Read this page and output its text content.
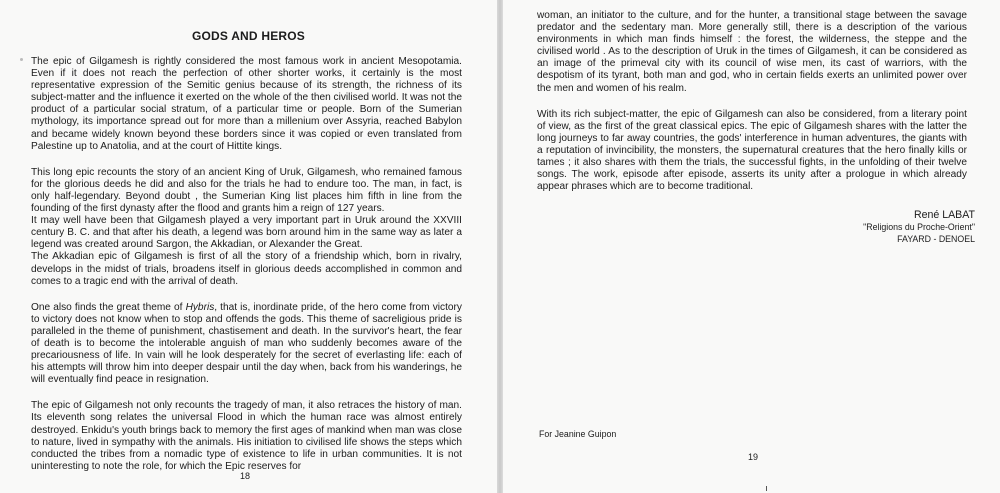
GODS AND HEROS

The epic of Gilgamesh is rightly considered the most famous work in ancient Mesopotamia. Even if it does not reach the perfection of other shorter works, it certainly is the most representative expression of the Semitic genius because of its strength, the richness of its subject-matter and the influence it exerted on the whole of the then civilised world. It was not the product of a particular social stratum, of a particular time or people. Born of the Sumerian mythology, its importance spread out for more than a millenium over Assyria, reached Babylon and became widely known beyond these borders since it was copied or even translated from Palestine up to Anatolia, and at the court of Hittite kings.

This long epic recounts the story of an ancient King of Uruk, Gilgamesh, who remained famous for the glorious deeds he did and also for the trials he had to endure too. The man, in fact, is only half-legendary. Beyond doubt , the Sumerian King list places him fifth in line from the founding of the first dynasty after the flood and grants him a reign of 127 years.

It may well have been that Gilgamesh played a very important part in Uruk around the XXVIII century B. C. and that after his death, a legend was born around him in the same way as later a legend was created around Sargon, the Akkadian, or Alexander the Great.

The Akkadian epic of Gilgamesh is first of all the story of a friendship which, born in rivalry, develops in the midst of trials, broadens itself in glorious deeds accomplished in common and comes to a tragic end with the arrival of death.

One also finds the great theme of Hybris, that is, inordinate pride, of the hero come from victory to victory does not know when to stop and offends the gods. This theme of sacreligious pride is paralleled in the theme of punishment, chastisement and death. In the survivor's heart, the fear of death is to become the intolerable anguish of man who suddenly becomes aware of the precariousness of life. In vain will he look desperately for the secret of everlasting life: each of his attempts will throw him into deeper despair until the day when, back from his wanderings, he will eventually find peace in resignation.

The epic of Gilgamesh not only recounts the tragedy of man, it also retraces the history of man. Its eleventh song relates the universal Flood in which the human race was almost entirely destroyed. Enkidu's youth brings back to memory the first ages of mankind when man was close to nature, lived in sympathy with the animals. His initiation to civilised life shows the steps which conducted the tribes from a nomadic type of existence to life in urban communities. It is not uninteresting to note the role, for which the Epic reserves for

18

woman, an initiator to the culture, and for the hunter, a transitional stage between the savage predator and the sedentary man. More generally still, there is a description of the various environments in which man finds himself : the forest, the wilderness, the steppe and the civilised world . As to the description of Uruk in the times of Gilgamesh, it can be considered as an image of the primeval city with its council of wise men, its cast of warriors, with the despotism of its tyrant, both man and god, who in certain fields exerts an unlimited power over the men and women of his realm.

With its rich subject-matter, the epic of Gilgamesh can also be considered, from a literary point of view, as the first of the great classical epics. The epic of Gilgamesh shares with the latter the long journeys to far away countries, the gods' interference in human adventures, the giants with a reputation of invincibility, the monsters, the supernatural creatures that the hero finally kills or tames ; it also shares with them the trials, the successful fights, in the unfolding of their twelve songs. The work, episode after episode, asserts its unity after a prologue in which already appear phrases which are to become traditional.

René LABAT
"Religions du Proche-Orient"
FAYARD - DENOEL
For Jeanine Guipon
19
